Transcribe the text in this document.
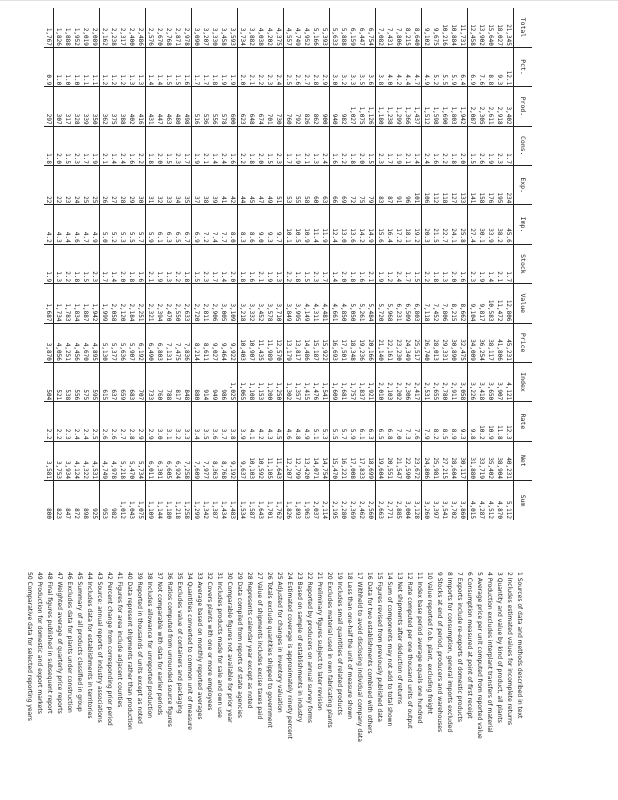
Total	Pct.	Prod.	Cons.	Exp.	Imp.	Stock	Value	Price	Index	Rate	Net	Sum
21,345	12.1	3,402	1.7	234	45.6	1.7	12,806	45,231	4,121	12.3	40,231	5,112
18,027	9.3	2,918	2.3	195	38.2	2.1	11,472	41,806	3,907	11.8	38,904	4,870
15,640	8.8	2,611	1.9	176	33.9	1.4	10,583	38,117	3,650	10.9	35,402	4,512
13,902	7.6	2,305	2.6	158	30.1	1.9	9,817	36,254	3,418	10.2	33,719	4,287
12,458	6.9	2,087	1.5	141	27.4	2.3	9,104	34,009	3,226	9.8	31,880	4,015
11,731	6.4	1,942	2.0	133	25.8	1.6	8,662	32,475	3,058	9.3	30,117	3,860
10,884	5.9	1,803	1.8	127	24.1	2.0	8,215	30,890	2,911	8.9	28,604	3,702
10,216	5.5	1,690	2.2	118	22.7	1.3	7,806	29,331	2,780	8.5	27,215	3,541
9,675	5.2	1,598	1.6	112	21.5	1.8	7,452	28,013	2,655	8.2	25,981	3,397
9,102	4.9	1,512	2.4	106	20.3	2.2	7,118	26,740	2,531	7.9	24,806	3,260
8,640	4.7	1,437	1.4	101	19.2	1.5	6,803	25,517	2,417	7.6	23,672	3,128
8,215	4.4	1,366	2.1	96	18.1	1.7	6,509	24,349	2,306	7.3	22,590	3,004
7,806	4.2	1,299	1.9	91	17.2	2.4	6,231	23,230	2,202	7.0	21,547	2,885
7,431	4.0	1,238	1.7	87	16.4	1.2	5,968	22,161	2,103	6.8	20,551	2,771
7,082	3.8	1,180	2.3	83	15.6	1.9	5,720	21,140	2,010	6.5	19,604	2,663
6,754	3.6	1,126	1.5	79	14.9	2.1	5,484	20,166	1,921	6.3	18,699	2,560
6,447	3.5	1,075	2.0	75	14.2	1.6	5,261	19,236	1,837	6.1	17,833	2,462
6,159	3.3	1,027	1.8	72	13.6	1.8	5,050	18,348	1,757	5.9	17,008	2,369
5,888	3.2	982	2.2	69	13.0	2.0	4,850	17,501	1,681	5.7	16,221	2,280
5,633	3.0	940	1.6	66	12.4	1.4	4,661	16,693	1,609	5.5	15,470	2,195
5,393	2.9	900	2.4	63	11.9	1.7	4,481	15,922	1,541	5.3	14,754	2,114
5,166	2.8	862	1.3	60	11.4	2.3	4,311	15,187	1,476	5.1	14,071	2,037
4,952	2.7	826	2.1	58	10.9	1.5	4,149	14,486	1,415	4.9	13,420	1,963
4,749	2.6	792	1.9	55	10.5	1.8	3,995	13,817	1,357	4.8	12,799	1,893
4,557	2.5	760	1.7	53	10.1	2.2	3,849	13,179	1,302	4.6	12,207	1,826
4,375	2.4	730	2.3	51	9.7	1.3	3,710	12,570	1,250	4.5	11,643	1,762
4,202	2.3	701	1.5	49	9.3	1.9	3,578	11,989	1,200	4.3	11,105	1,701
4,038	2.2	674	2.0	47	9.0	2.1	3,452	11,435	1,153	4.2	10,592	1,643
3,882	2.1	648	1.8	45	8.6	1.6	3,332	10,907	1,108	4.1	10,103	1,587
3,734	2.0	623	2.2	44	8.3	1.8	3,218	10,403	1,065	3.9	9,637	1,534
3,593	1.9	600	1.6	42	8.0	2.0	3,109	9,922	1,025	3.8	9,192	1,483
3,458	1.9	578	2.4	41	7.7	1.4	3,005	9,464	986	3.7	8,768	1,434
3,330	1.8	556	1.4	39	7.4	1.7	2,906	9,027	949	3.6	8,363	1,387
3,207	1.7	536	2.1	38	7.2	2.3	2,811	8,611	914	3.5	7,977	1,342
3,090	1.7	516	1.9	37	6.9	1.5	2,720	8,214	880	3.4	7,609	1,299
2,978	1.6	498	1.7	35	6.7	1.8	2,633	7,836	848	3.3	7,258	1,258
2,871	1.5	480	2.3	34	6.5	2.2	2,550	7,475	817	3.2	6,924	1,218
2,768	1.5	463	1.5	33	6.3	1.3	2,470	7,131	788	3.1	6,605	1,180
2,670	1.4	447	2.0	32	6.1	1.9	2,394	6,803	760	3.0	6,301	1,144
2,576	1.4	431	1.8	31	5.9	2.1	2,321	6,490	733	2.9	6,011	1,109
2,486	1.3	416	2.2	30	5.7	1.6	2,251	6,192	707	2.9	5,734	1,075
2,400	1.3	402	1.6	29	5.5	1.8	2,184	5,907	683	2.8	5,470	1,043
2,317	1.2	388	2.4	28	5.3	2.0	2,120	5,636	659	2.7	5,218	1,012
2,238	1.2	375	1.4	27	5.2	1.4	2,058	5,377	637	2.6	4,978	982
2,162	1.2	362	2.1	26	5.0	1.7	1,999	5,130	615	2.6	4,749	953
2,089	1.1	350	1.9	25	4.9	2.3	1,942	4,895	595	2.5	4,531	925
2,019	1.1	339	1.7	25	4.7	1.5	1,887	4,670	575	2.4	4,322	898
1,952	1.0	328	2.3	24	4.6	1.8	1,834	4,456	556	2.4	4,124	872
1,888	1.0	317	1.5	23	4.4	2.2	1,783	4,251	538	2.3	3,934	847
1,826	1.0	307	2.0	22	4.3	1.3	1,734	4,056	521	2.2	3,753	823
1,767	0.9	297	1.8	22	4.2	1.9	1,687	3,870	504	2.2	3,581	800
1 Sources of data and methods described in text
2 Includes estimated values for incomplete returns
3 Quantity and value by kind of product, all plants
4 Production excludes interplant transfers of material
5 Average price per unit computed from reported value
6 Consumption measured at point of first receipt
7 Exports include re-exports of domestic products
8 Imports for consumption, general imports excluded
9 Stocks at end of period, producers and warehouses
10 Value reported f.o.b. plant, excluding freight
11 Index base period average equals one hundred
12 Rate computed per one thousand units of output
13 Net shipments after deduction of returns
14 Sum of components may not add to total shown
15 Figures revised from previously published data
16 Data for two establishments combined with others
17 Withheld to avoid disclosing individual company data
18 Less than one-half the unit of measure shown
19 Includes small quantities of related products
20 Excludes material used in own fabricating plants
21 Preliminary figures subject to later revision
22 Reported by producers on annual survey forms
23 Based on sample of establishments in industry
24 Estimated coverage is approximately ninety percent
25 Adjusted for changes in inventory valuation
26 Totals exclude quantities shipped to government
27 Value of shipments includes excise taxes paid
28 Represents calendar year except as noted
29 Data compiled from reports of state agencies
30 Comparable figures not available for prior year
31 Includes products made for sale and own use
32 Covers plants with one or more employees
33 Average based on monthly reported averages
34 Quantities converted to common unit of measure
35 Excludes value of containers and packaging
36 Ratios computed from unrounded source figures
37 Not comparable with data for earlier periods
38 Includes allowance for unreported production
39 Reported in thousands of units except as noted
40 Data represent shipments rather than production
41 Figures for area include adjacent counties
42 Percent change from corresponding prior period
43 Source: annual reports of industry associations
44 Includes data for establishments in territories
45 Summary of all products classified in group
46 Excludes data for plants under construction
47 Weighted average of quarterly price reports
48 Final figures published in subsequent report
49 Production for domestic and export markets
50 Comparative data for selected reporting years
